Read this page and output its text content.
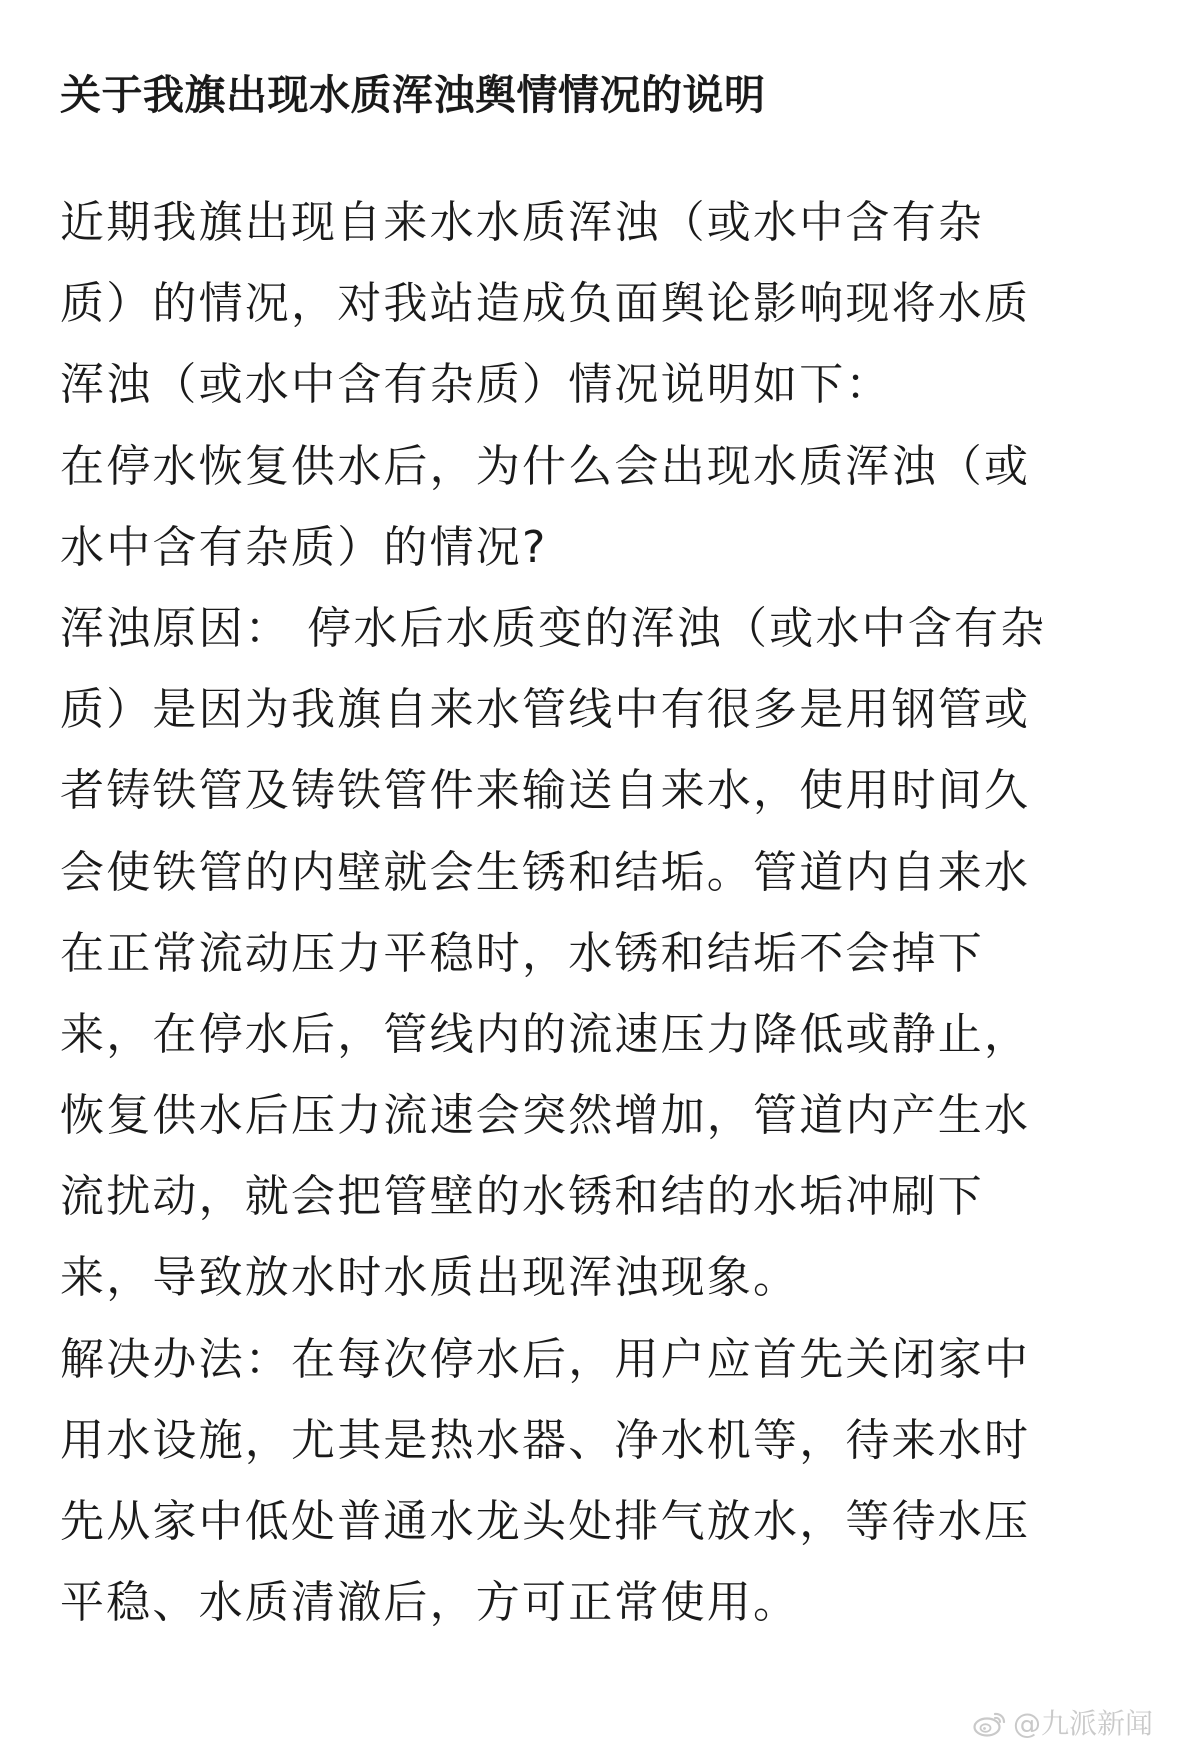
关于我旗出现水质浑浊舆情情况的说明
近期我旗出现自来水水质浑浊（或水中含有杂
质）的情况，对我站造成负面舆论影响现将水质
浑浊（或水中含有杂质）情况说明如下：
在停水恢复供水后，为什么会出现水质浑浊（或
水中含有杂质）的情况?
浑浊原因： 停水后水质变的浑浊（或水中含有杂
质）是因为我旗自来水管线中有很多是用钢管或
者铸铁管及铸铁管件来输送自来水，使用时间久
会使铁管的内壁就会生锈和结垢。管道内自来水
在正常流动压力平稳时，水锈和结垢不会掉下
来，在停水后，管线内的流速压力降低或静止，
恢复供水后压力流速会突然增加，管道内产生水
流扰动，就会把管壁的水锈和结的水垢冲刷下
来，导致放水时水质出现浑浊现象。
解决办法：在每次停水后，用户应首先关闭家中
用水设施，尤其是热水器、净水机等，待来水时
先从家中低处普通水龙头处排气放水，等待水压
平稳、水质清澈后，方可正常使用。
@九派新闻
